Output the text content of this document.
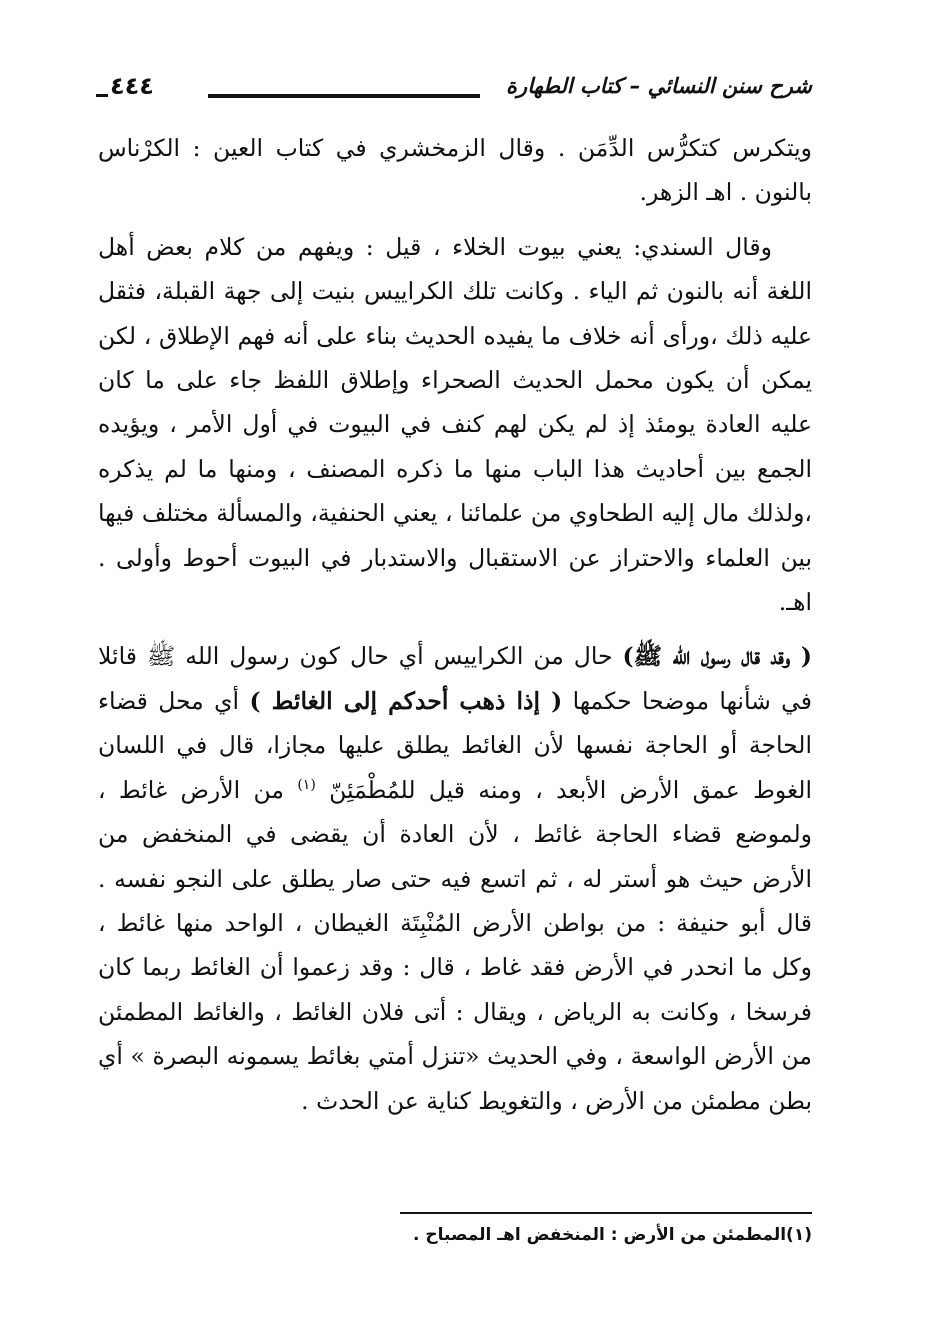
شرح سنن النسائي – كتاب الطهارة
٤٤٤

ويتكرس كتكرُّس الدِّمَن . وقال الزمخشري في كتاب العين : الكرْناس بالنون . اهـ الزهر.

وقال السندي: يعني بيوت الخلاء ، قيل : ويفهم من كلام بعض أهل اللغة أنه بالنون ثم الياء . وكانت تلك الكراييس بنيت إلى جهة القبلة، فثقل عليه ذلك ،ورأى أنه خلاف ما يفيده الحديث بناء على أنه فهم الإطلاق ، لكن يمكن أن يكون محمل الحديث الصحراء وإطلاق اللفظ جاء على ما كان عليه العادة يومئذ إذ لم يكن لهم كنف في البيوت في أول الأمر ، ويؤيده الجمع بين أحاديث هذا الباب منها ما ذكره المصنف ، ومنها ما لم يذكره ،ولذلك مال إليه الطحاوي من علمائنا ، يعني الحنفية، والمسألة مختلف فيها بين العلماء والاحتراز عن الاستقبال والاستدبار في البيوت أحوط وأولى . اهـ.

( وقد قال رسول الله ﷺ) حال من الكراييس أي حال كون رسول الله ﷺ قائلا في شأنها موضحا حكمها ( إذا ذهب أحدكم إلى الغائط ) أي محل قضاء الحاجة أو الحاجة نفسها لأن الغائط يطلق عليها مجازا، قال في اللسان الغوط عمق الأرض الأبعد ، ومنه قيل للمُطْمَئِنّ $^{(١)}$ من الأرض غائط ، ولموضع قضاء الحاجة غائط ، لأن العادة أن يقضى في المنخفض من الأرض حيث هو أستر له ، ثم اتسع فيه حتى صار يطلق على النجو نفسه . قال أبو حنيفة : من بواطن الأرض المُنْبِتَة الغيطان ، الواحد منها غائط ، وكل ما انحدر في الأرض فقد غاط ، قال : وقد زعموا أن الغائط ربما كان فرسخا ، وكانت به الرياض ، ويقال : أتى فلان الغائط ، والغائط المطمئن من الأرض الواسعة ، وفي الحديث «تنزل أمتي بغائط يسمونه البصرة » أي بطن مطمئن من الأرض ، والتغويط كناية عن الحدث .

(١)المطمئن من الأرض : المنخفض اهـ المصباح .
